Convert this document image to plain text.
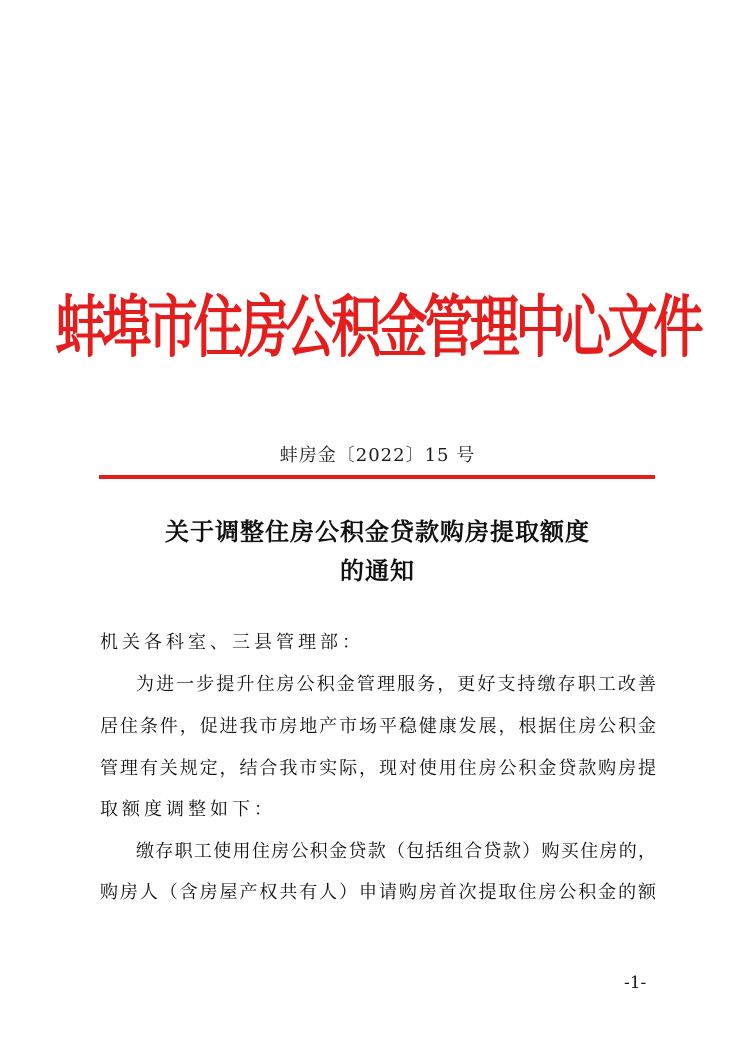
蚌埠市住房公积金管理中心文件
蚌房金〔2022〕15 号
关于调整住房公积金贷款购房提取额度
的通知
机关各科室、三县管理部：
为进一步提升住房公积金管理服务，更好支持缴存职工改善
居住条件，促进我市房地产市场平稳健康发展，根据住房公积金
管理有关规定，结合我市实际，现对使用住房公积金贷款购房提
取额度调整如下：
缴存职工使用住房公积金贷款（包括组合贷款）购买住房的，
购房人（含房屋产权共有人）申请购房首次提取住房公积金的额
-1-
